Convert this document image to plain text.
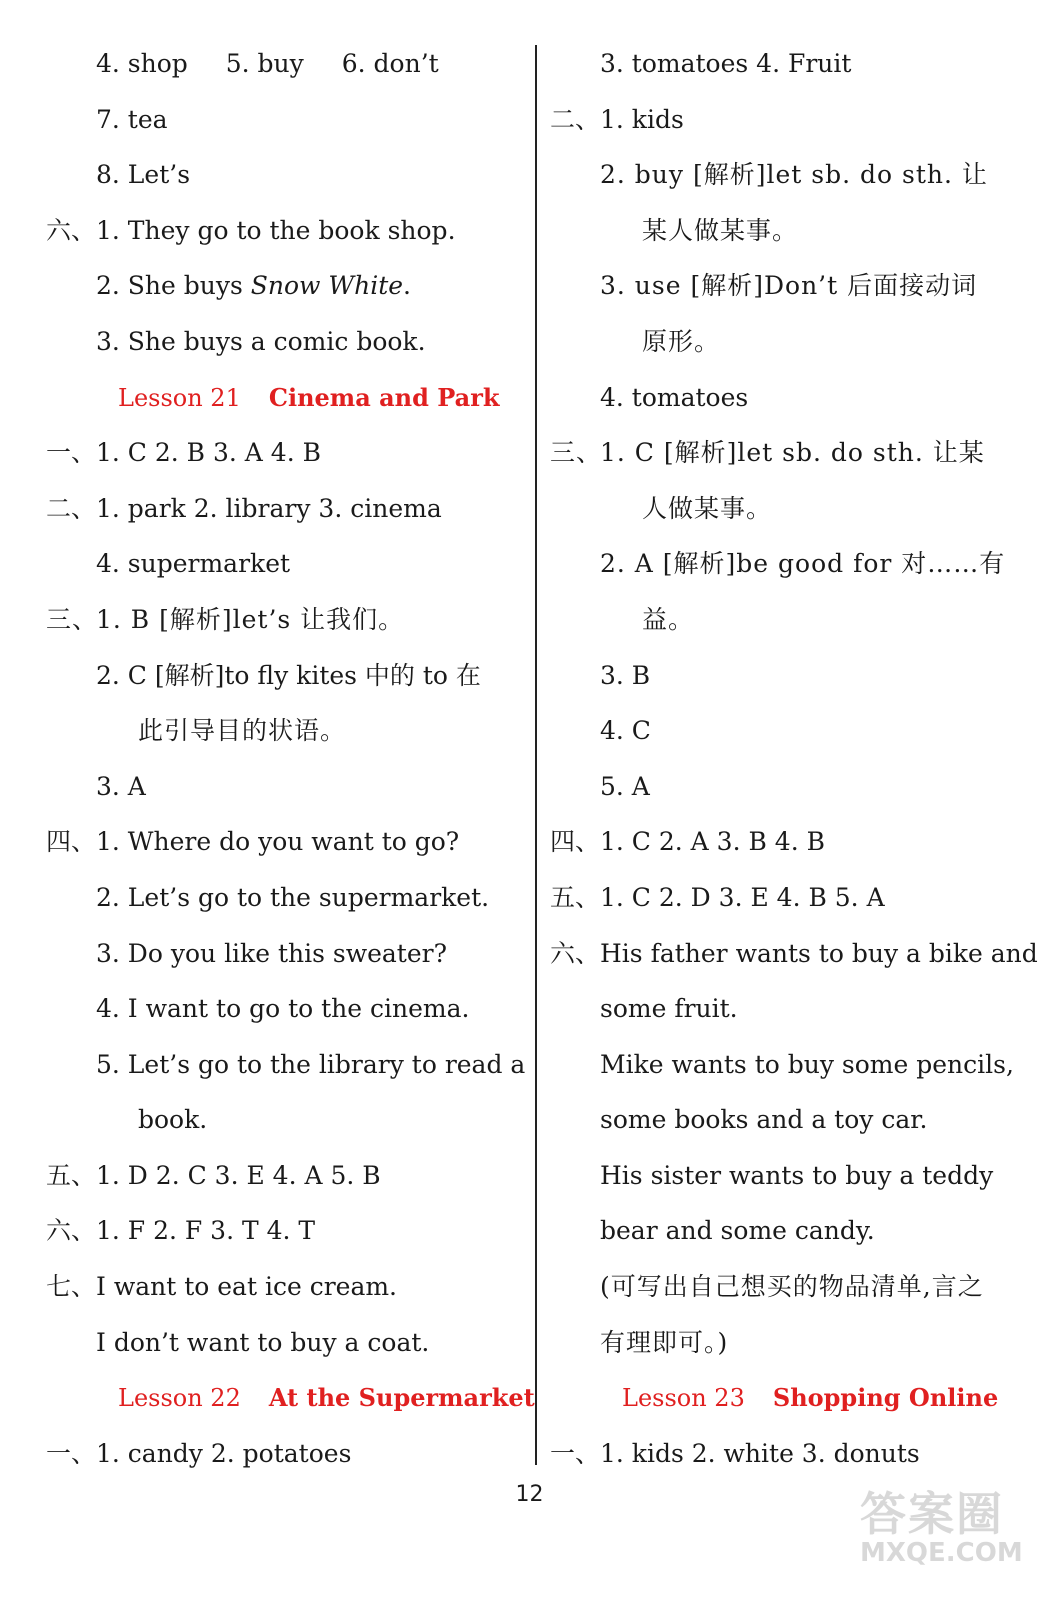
4. shop 5. buy 6. don’t
7. tea
8. Let’s
六、1. They go to the book shop.
2. She buys Snow White.
3. She buys a comic book.
Lesson 21 Cinema and Park
一、1. C 2. B 3. A 4. B
二、1. park 2. library 3. cinema
4. supermarket
三、1. B [解析]let’s 让我们。
2. C [解析]to fly kites 中的 to 在
此引导目的状语。
3. A
四、1. Where do you want to go?
2. Let’s go to the supermarket.
3. Do you like this sweater?
4. I want to go to the cinema.
5. Let’s go to the library to read a
book.
五、1. D 2. C 3. E 4. A 5. B
六、1. F 2. F 3. T 4. T
七、I want to eat ice cream.
I don’t want to buy a coat.
Lesson 22 At the Supermarket
一、1. candy 2. potatoes
3. tomatoes 4. Fruit
二、1. kids
2. buy [解析]let sb. do sth. 让
某人做某事。
3. use [解析]Don’t 后面接动词
原形。
4. tomatoes
三、1. C [解析]let sb. do sth. 让某
人做某事。
2. A [解析]be good for 对……有
益。
3. B
4. C
5. A
四、1. C 2. A 3. B 4. B
五、1. C 2. D 3. E 4. B 5. A
六、His father wants to buy a bike and
some fruit.
Mike wants to buy some pencils,
some books and a toy car.
His sister wants to buy a teddy
bear and some candy.
(可写出自己想买的物品清单,言之
有理即可。)
Lesson 23 Shopping Online
一、1. kids 2. white 3. donuts
12	答案圈
MXQE.COM
